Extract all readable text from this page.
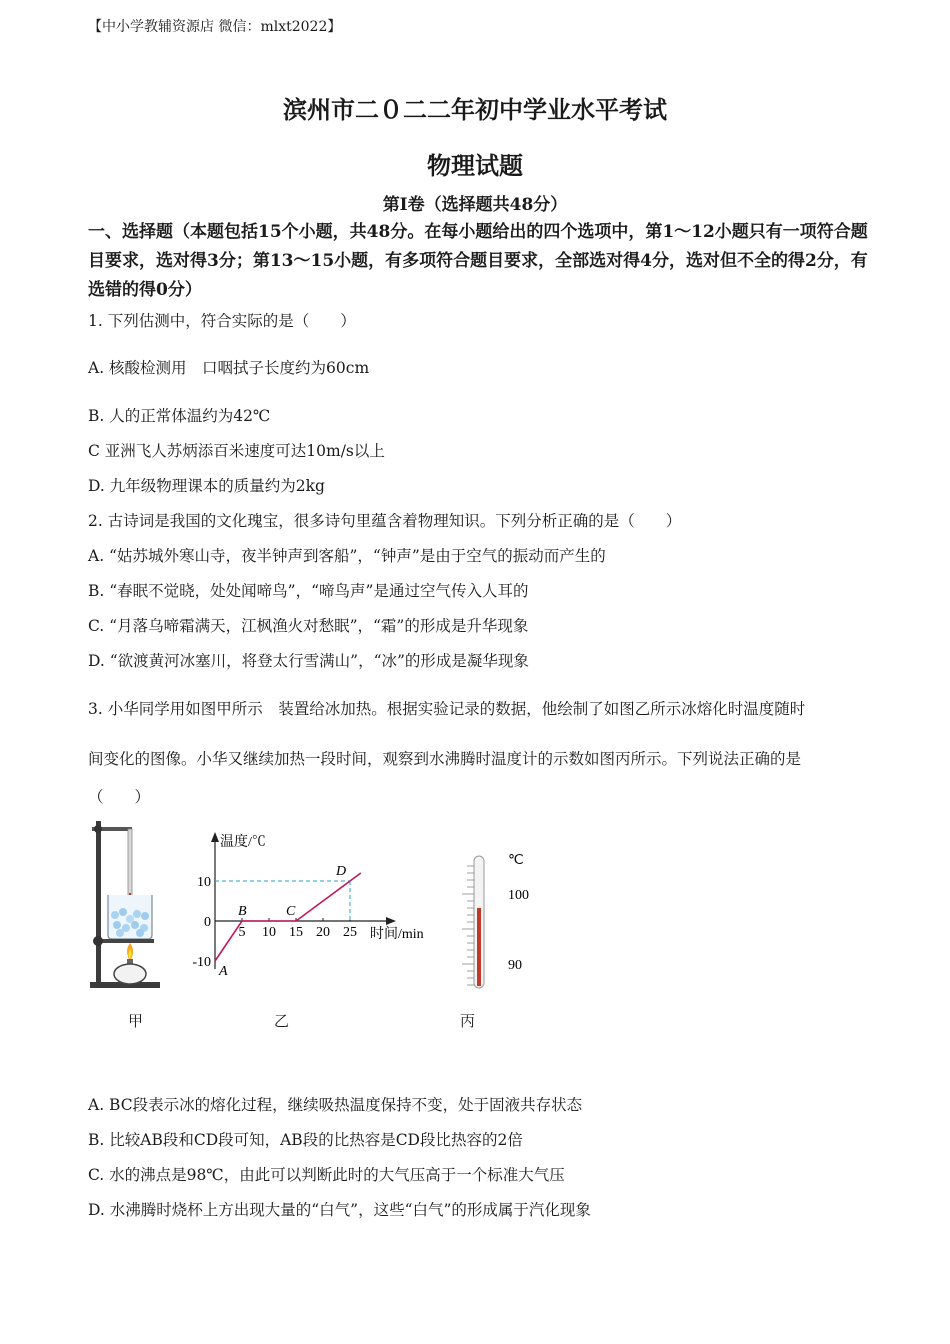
【中小学教辅资源店 微信：mlxt2022】
滨州市二０二二年初中学业水平考试
物理试题
第Ⅰ卷（选择题共48分）
一、选择题（本题包括15个小题，共48分。在每小题给出的四个选项中，第1～12小题只有一项符合题目要求，选对得3分；第13～15小题，有多项符合题目要求，全部选对得4分，选对但不全的得2分，有选错的得0分）
1. 下列估测中，符合实际的是（　　）
A. 核酸检测用　口咽拭子长度约为60cm
B. 人的正常体温约为42℃
C 亚洲飞人苏炳添百米速度可达10m/s以上
D. 九年级物理课本的质量约为2kg
2. 古诗词是我国的文化瑰宝，很多诗句里蕴含着物理知识。下列分析正确的是（　　）
A. “姑苏城外寒山寺，夜半钟声到客船”，“钟声”是由于空气的振动而产生的
B. “春眠不觉晓，处处闻啼鸟”，“啼鸟声”是通过空气传入人耳的
C. “月落乌啼霜满天，江枫渔火对愁眠”，“霜”的形成是升华现象
D. “欲渡黄河冰塞川，将登太行雪满山”，“冰”的形成是凝华现象
3. 小华同学用如图甲所示　装置给冰加热。根据实验记录的数据，他绘制了如图乙所示冰熔化时温度随时
间变化的图像。小华又继续加热一段时间，观察到水沸腾时温度计的示数如图丙所示。下列说法正确的是
（　　）
温度/℃
时间/min
5 10 15 20 25
10
0
-10
A
B	C
D
℃
100
90
甲	乙	丙
A. BC段表示冰的熔化过程，继续吸热温度保持不变，处于固液共存状态
B. 比较AB段和CD段可知，AB段的比热容是CD段比热容的2倍
C. 水的沸点是98℃，由此可以判断此时的大气压高于一个标准大气压
D. 水沸腾时烧杯上方出现大量的“白气”，这些“白气”的形成属于汽化现象
